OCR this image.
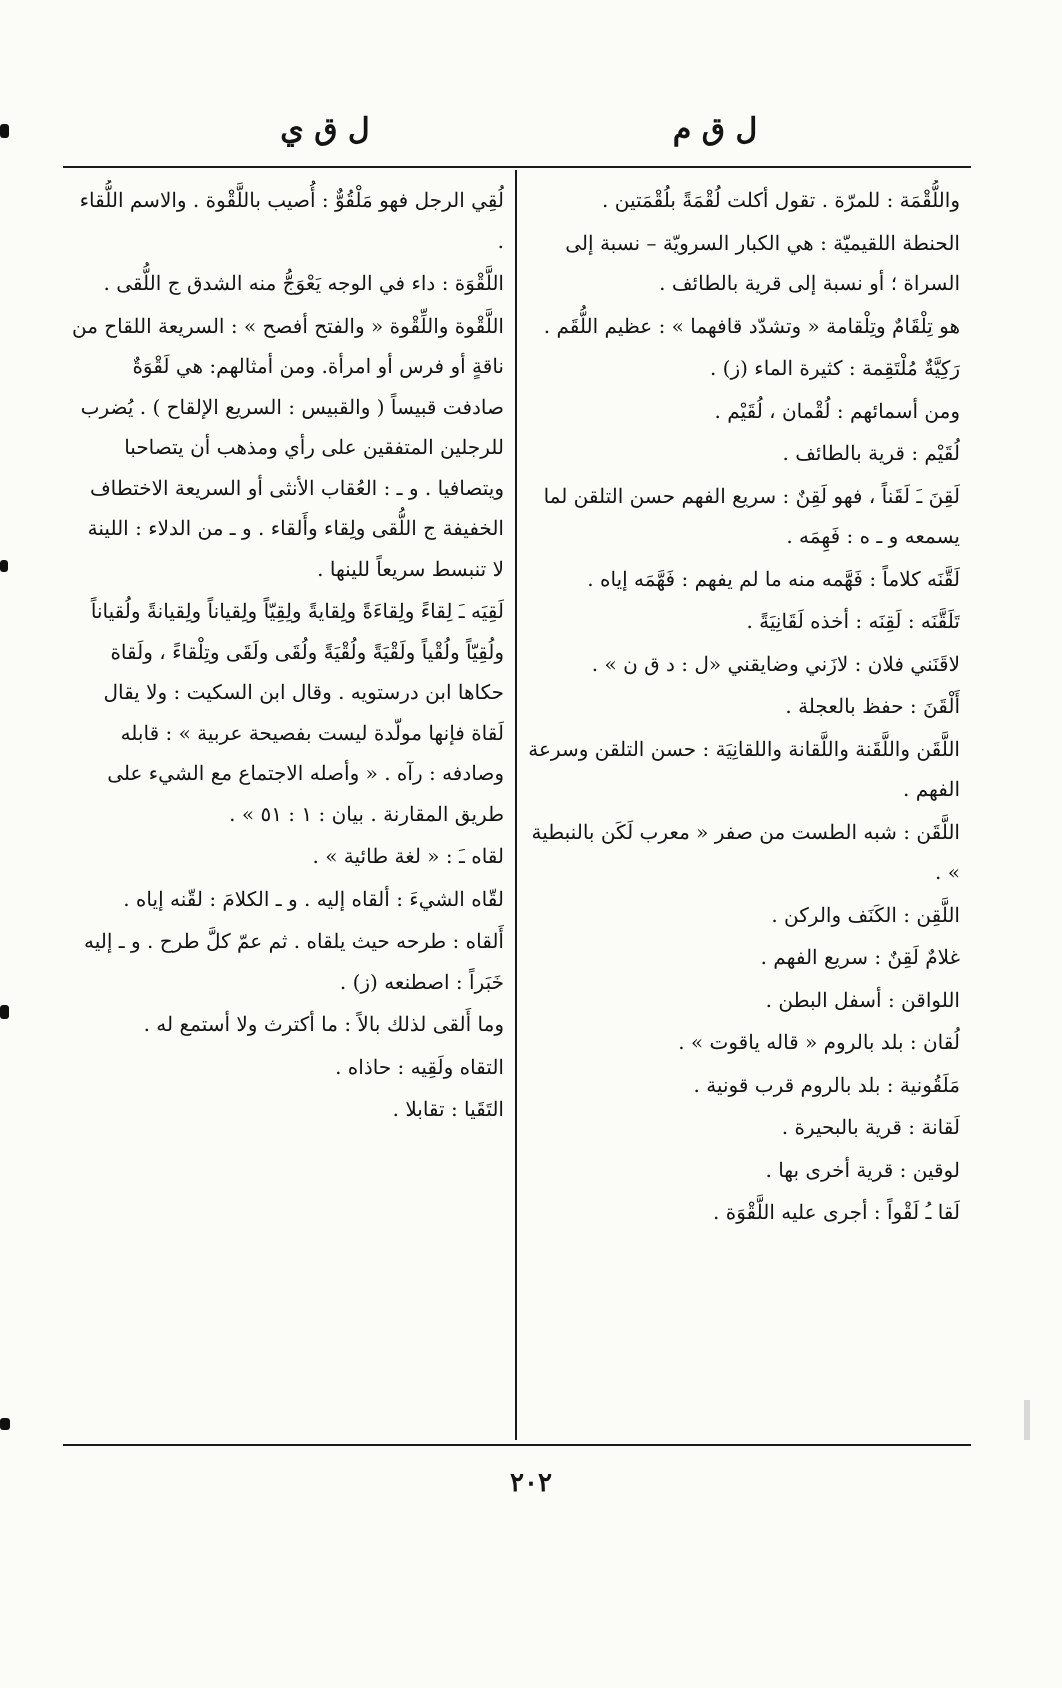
ل ق م
ل ق ي

واللُّقْمَة : للمرّة . تقول أكلت لُقْمَةً بلُقْمَتين .

الحنطة اللقيميّة : هي الكبار السرويّة – نسبة إلى السراة ؛ أو نسبة إلى قرية بالطائف .

هو تِلْقَامٌ وتِلْقامة « وتشدّد قافهما » : عظيم اللُّقَم .

رَكِيَّةٌ مُلْتَقِمة : كثيرة الماء (ز) .

ومن أسمائهم : لُقْمان ، لُقَيْم .

لُقَيْم : قرية بالطائف .

لَقِنَ ـَ لَقَناً ، فهو لَقِنٌ : سريع الفهم حسن التلقن لما يسمعه و ـ ه : فَهِمَه .

لَقَّنَه كلاماً : فَهَّمه منه ما لم يفهم : فَهَّمَه إياه .

تَلَقَّنَه : لَقِنَه : أخذه لَقَانِيَةً .

لاقَنَني فلان : لازَني وضايقني «ل : د ق ن » .

أَلْقَنَ : حفظ بالعجلة .

اللَّقَن واللَّقَنة واللَّقانة واللقانِيَة : حسن التلقن وسرعة الفهم .

اللَّقَن : شبه الطست من صفر « معرب لَكَن بالنبطية » .

اللَّقِن : الكَنَف والركن .

غلامٌ لَقِنٌ : سريع الفهم .

اللواقن : أسفل البطن .

لُقان : بلد بالروم « قاله ياقوت » .

مَلَقُونية : بلد بالروم قرب قونية .

لَقانة : قرية بالبحيرة .

لوقين : قرية أخرى بها .

لَقا ـُ لَقْواً : أجرى عليه اللَّقْوَة .

لُقِي الرجل فهو مَلْقُوٌّ : أُصيب باللَّقْوة . والاسم اللُّقاء .

اللَّقْوَة : داء في الوجه يَعْوَجُّ منه الشدق ج اللُّقى .

اللَّقْوة واللِّقْوة « والفتح أفصح » : السريعة اللقاح من ناقةٍ أو فرس أو امرأة. ومن أمثالهم: هي لَقْوَةٌ صادفت قبيساً ( والقبيس : السريع الإلقاح ) . يُضرب للرجلين المتفقين على رأي ومذهب أن يتصاحبا ويتصافيا . و ـ : العُقاب الأنثى أو السريعة الاختطاف الخفيفة ج اللُّقى ولِقاء وأَلقاء . و ـ من الدلاء : اللينة لا تنبسط سريعاً للينها .

لَقِيَه ـَ لِقاءً ولِقاءَةً ولِقايةً ولِقِيّاً ولِقياناً ولِقيانةً ولُقياناً ولُقِيّاً ولُقْياً ولَقْيَةً ولُقْيَةً ولُقَى ولَقَى وتِلْقاءً ، ولَقاة حكاها ابن درستويه . وقال ابن السكيت : ولا يقال لَقاة فإنها مولّدة ليست بفصيحة عربية » : قابله وصادفه : رآه . « وأصله الاجتماع مع الشيء على طريق المقارنة . بيان : ١ : ٥١ » .

لقاه ـَ : « لغة طائية » .

لقّاه الشيءَ : ألقاه إليه . و ـ الكلامَ : لقّنه إياه .

أَلقاه : طرحه حيث يلقاه . ثم عمّ كلَّ طرح . و ـ إليه خَبَراً : اصطنعه (ز) .

وما أَلقى لذلك بالاً : ما أكترث ولا أستمع له .

التقاه ولَقِيه : حاذاه .

التَقَيا : تقابلا .

٢٠٢
